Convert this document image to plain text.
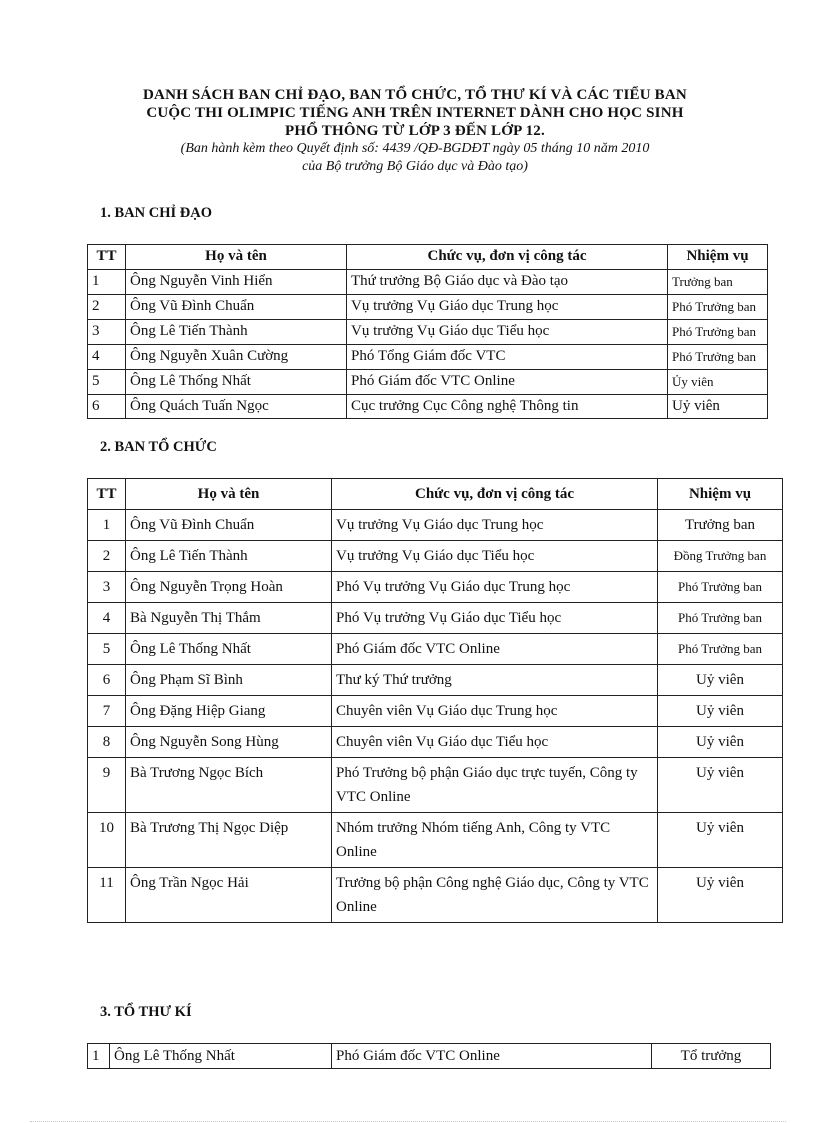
DANH SÁCH BAN CHỈ ĐẠO, BAN TỔ CHỨC, TỔ THƯ KÍ VÀ CÁC TIỂU BAN
CUỘC THI OLIMPIC TIẾNG ANH TRÊN INTERNET DÀNH CHO HỌC SINH
PHỔ THÔNG TỪ LỚP 3 ĐẾN LỚP 12.
(Ban hành kèm theo Quyết định số: 4439 /QĐ-BGDĐT ngày 05 tháng 10 năm 2010
của Bộ trưởng Bộ Giáo dục và Đào tạo)
1. BAN CHỈ ĐẠO
TT	Họ và tên	Chức vụ, đơn vị công tác	Nhiệm vụ
1	Ông Nguyễn Vinh Hiển	Thứ trưởng Bộ Giáo dục và Đào tạo	Trưởng ban
2	Ông Vũ Đình Chuẩn	Vụ trưởng Vụ Giáo dục Trung học	Phó Trưởng ban
3	Ông Lê Tiến Thành	Vụ trưởng Vụ Giáo dục Tiểu học	Phó Trưởng ban
4	Ông Nguyễn Xuân Cường	Phó Tổng Giám đốc VTC	Phó Trưởng ban
5	Ông Lê Thống Nhất	Phó Giám đốc VTC Online	Ủy viên
6	Ông Quách Tuấn Ngọc	Cục trưởng Cục Công nghệ Thông tin	Uỷ viên
2. BAN TỔ CHỨC
TT	Họ và tên	Chức vụ, đơn vị công tác	Nhiệm vụ
1	Ông Vũ Đình Chuẩn	Vụ trưởng Vụ Giáo dục Trung học	Trưởng ban
2	Ông Lê Tiến Thành	Vụ trưởng Vụ Giáo dục Tiểu học	Đồng Trưởng ban
3	Ông Nguyễn Trọng Hoàn	Phó Vụ trưởng Vụ Giáo dục Trung học	Phó Trưởng ban
4	Bà Nguyễn Thị Thắm	Phó Vụ trưởng Vụ Giáo dục Tiểu học	Phó Trưởng ban
5	Ông Lê Thống Nhất	Phó Giám đốc VTC Online	Phó Trưởng ban
6	Ông Phạm Sĩ Bình	Thư ký Thứ trưởng	Uỷ viên
7	Ông Đặng Hiệp Giang	Chuyên viên Vụ Giáo dục Trung học	Uỷ viên
8	Ông Nguyễn Song Hùng	Chuyên viên Vụ Giáo dục Tiểu học	Uỷ viên
9	Bà Trương Ngọc Bích	Phó Trưởng bộ phận Giáo dục trực tuyến, Công ty VTC Online	Uỷ viên
10	Bà Trương Thị Ngọc Diệp	Nhóm trưởng Nhóm tiếng Anh, Công ty VTC Online	Uỷ viên
11	Ông Trần Ngọc Hải	Trưởng bộ phận Công nghệ Giáo dục, Công ty VTC Online	Uỷ viên
3. TỔ THƯ KÍ
1	Ông Lê Thống Nhất	Phó Giám đốc VTC Online	Tổ trưởng
